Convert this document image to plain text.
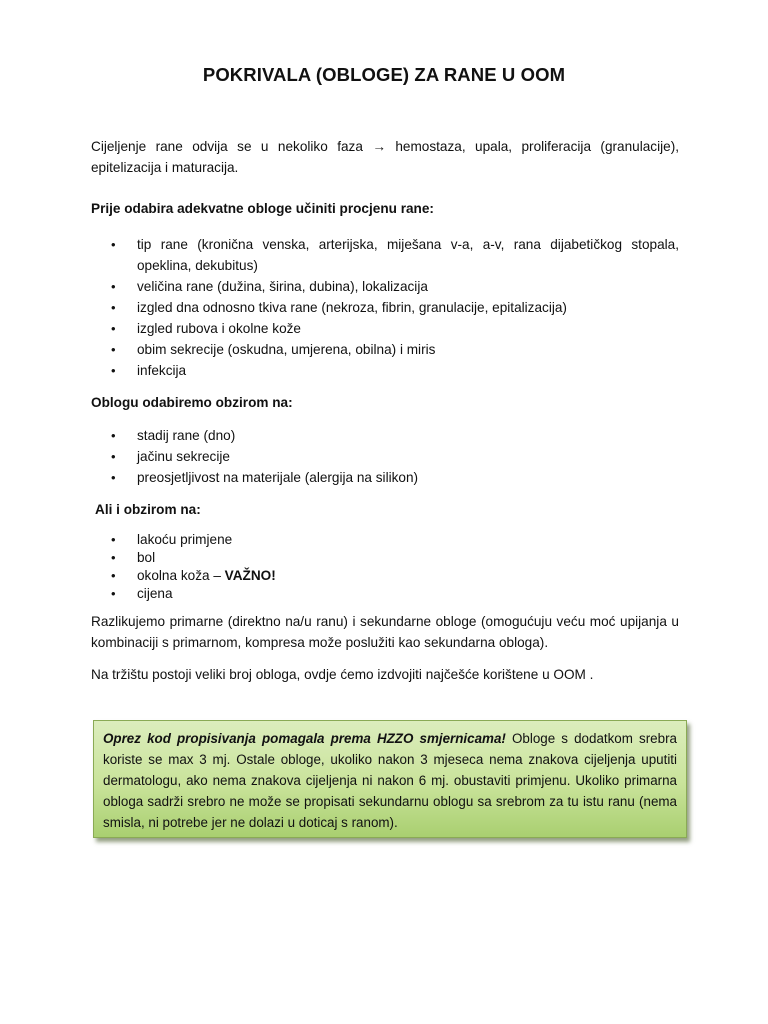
POKRIVALA (OBLOGE) ZA RANE U OOM

Cijeljenje rane odvija se u nekoliko faza → hemostaza, upala, proliferacija (granulacije), epitelizacija i maturacija.

Prije odabira adekvatne obloge učiniti procjenu rane:

• tip rane (kronična venska, arterijska, miješana v-a, a-v, rana dijabetičkog stopala, opeklina, dekubitus)
• veličina rane (dužina, širina, dubina), lokalizacija
• izgled dna odnosno tkiva rane (nekroza, fibrin, granulacije, epitalizacija)
• izgled rubova i okolne kože
• obim sekrecije (oskudna, umjerena, obilna) i miris
• infekcija

Oblogu odabiremo obzirom na:

• stadij rane (dno)
• jačinu sekrecije
• preosjetljivost na materijale (alergija na silikon)

Ali i obzirom na:

• lakoću primjene
• bol
• okolna koža – VAŽNO!
• cijena

Razlikujemo primarne (direktno na/u ranu) i sekundarne obloge (omogućuju veću moć upijanja u kombinaciji s primarnom, kompresa može poslužiti kao sekundarna obloga).

Na tržištu postoji veliki broj obloga, ovdje ćemo izdvojiti najčešće korištene u OOM .

Oprez kod propisivanja pomagala prema HZZO smjernicama! Obloge s dodatkom srebra koriste se max 3 mj. Ostale obloge, ukoliko nakon 3 mjeseca nema znakova cijeljenja uputiti dermatologu, ako nema znakova cijeljenja ni nakon 6 mj. obustaviti primjenu. Ukoliko primarna obloga sadrži srebro ne može se propisati sekundarnu oblogu sa srebrom za tu istu ranu (nema smisla, ni potrebe jer ne dolazi u doticaj s ranom).
